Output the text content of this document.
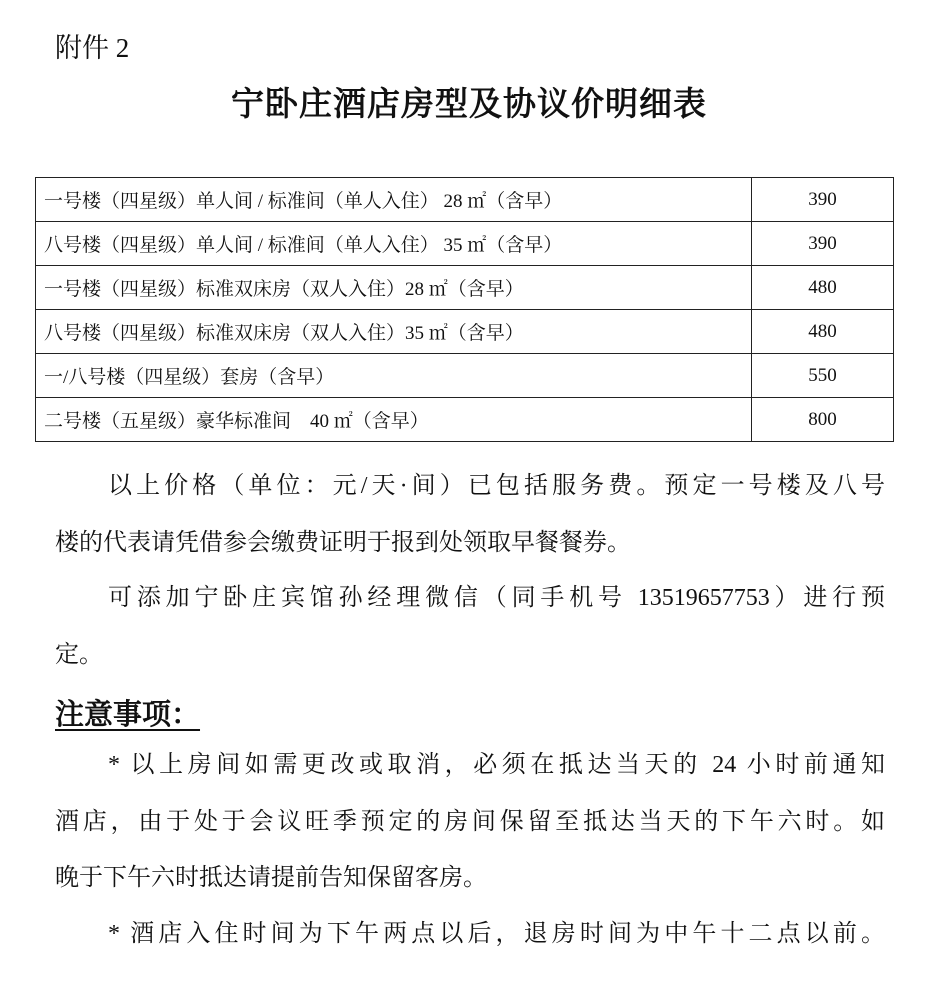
附件 2
宁卧庄酒店房型及协议价明细表
一号楼（四星级）单人间 / 标准间（单人入住） 28 ㎡（含早）	390
八号楼（四星级）单人间 / 标准间（单人入住） 35 ㎡（含早）	390
一号楼（四星级）标准双床房（双人入住）28 ㎡（含早）	480
八号楼（四星级）标准双床房（双人入住）35 ㎡（含早）	480
一/八号楼（四星级）套房（含早）	550
二号楼（五星级）豪华标准间　40 ㎡（含早）	800
以上价格（单位：元/天·间）已包括服务费。预定一号楼及八号
楼的代表请凭借参会缴费证明于报到处领取早餐餐券。
可添加宁卧庄宾馆孙经理微信（同手机号 13519657753）进行预
定。
注意事项：
* 以上房间如需更改或取消，必须在抵达当天的 24 小时前通知
酒店，由于处于会议旺季预定的房间保留至抵达当天的下午六时。如
晚于下午六时抵达请提前告知保留客房。
* 酒店入住时间为下午两点以后，退房时间为中午十二点以前。
